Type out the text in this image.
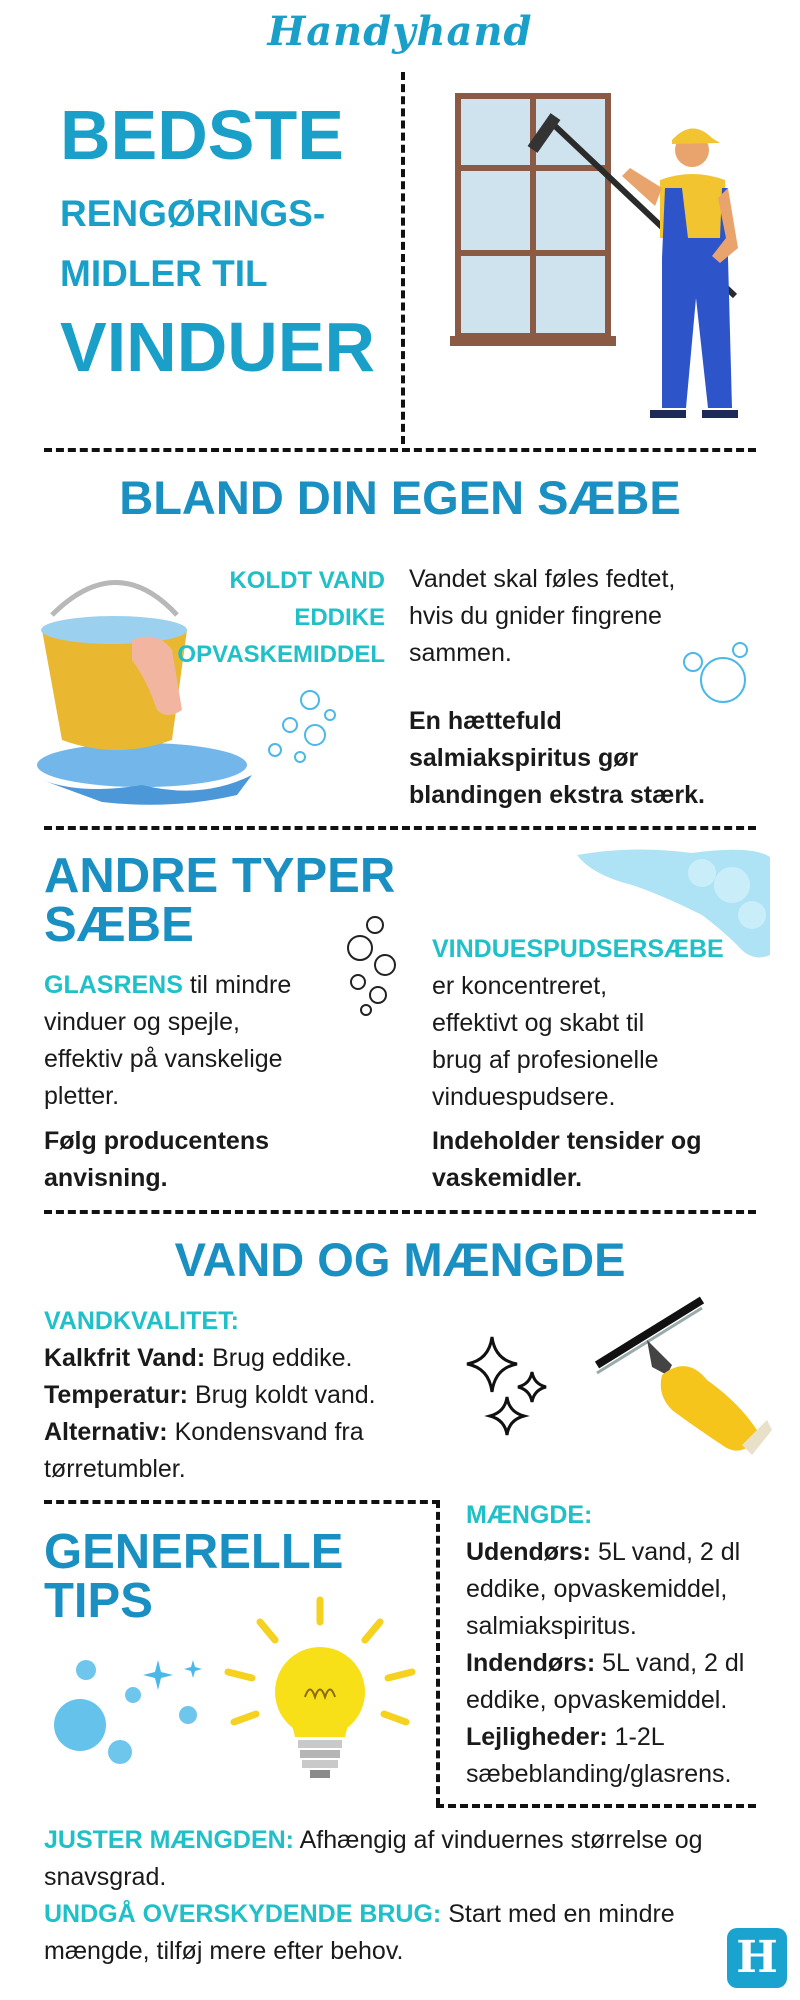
Handyhand
BEDSTE
RENGØRINGS-
MIDLER TIL
VINDUER
BLAND DIN EGEN SÆBE
KOLDT VAND
EDDIKE
OPVASKEMIDDEL
Vandet skal føles fedtet,
hvis du gnider fingrene
sammen.
En hættefuld
salmiakspiritus gør
blandingen ekstra stærk.
ANDRE TYPER
SÆBE
GLASRENS til mindre
vinduer og spejle,
effektiv på vanskelige
pletter.
Følg producentens
anvisning.
VINDUESPUDSERSÆBE
er koncentreret,
effektivt og skabt til
brug af profesionelle
vinduespudsere.
Indeholder tensider og
vaskemidler.
VAND OG MÆNGDE
VANDKVALITET:
Kalkfrit Vand: Brug eddike.
Temperatur: Brug koldt vand.
Alternativ: Kondensvand fra
tørretumbler.
GENERELLE
TIPS
MÆNGDE:
Udendørs: 5L vand, 2 dl
eddike, opvaskemiddel,
salmiakspiritus.
Indendørs: 5L vand, 2 dl
eddike, opvaskemiddel.
Lejligheder: 1-2L
sæbeblanding/glasrens.
JUSTER MÆNGDEN: Afhængig af vinduernes størrelse og
snavsgrad.
UNDGÅ OVERSKYDENDE BRUG: Start med en mindre
mængde, tilføj mere efter behov.	H
